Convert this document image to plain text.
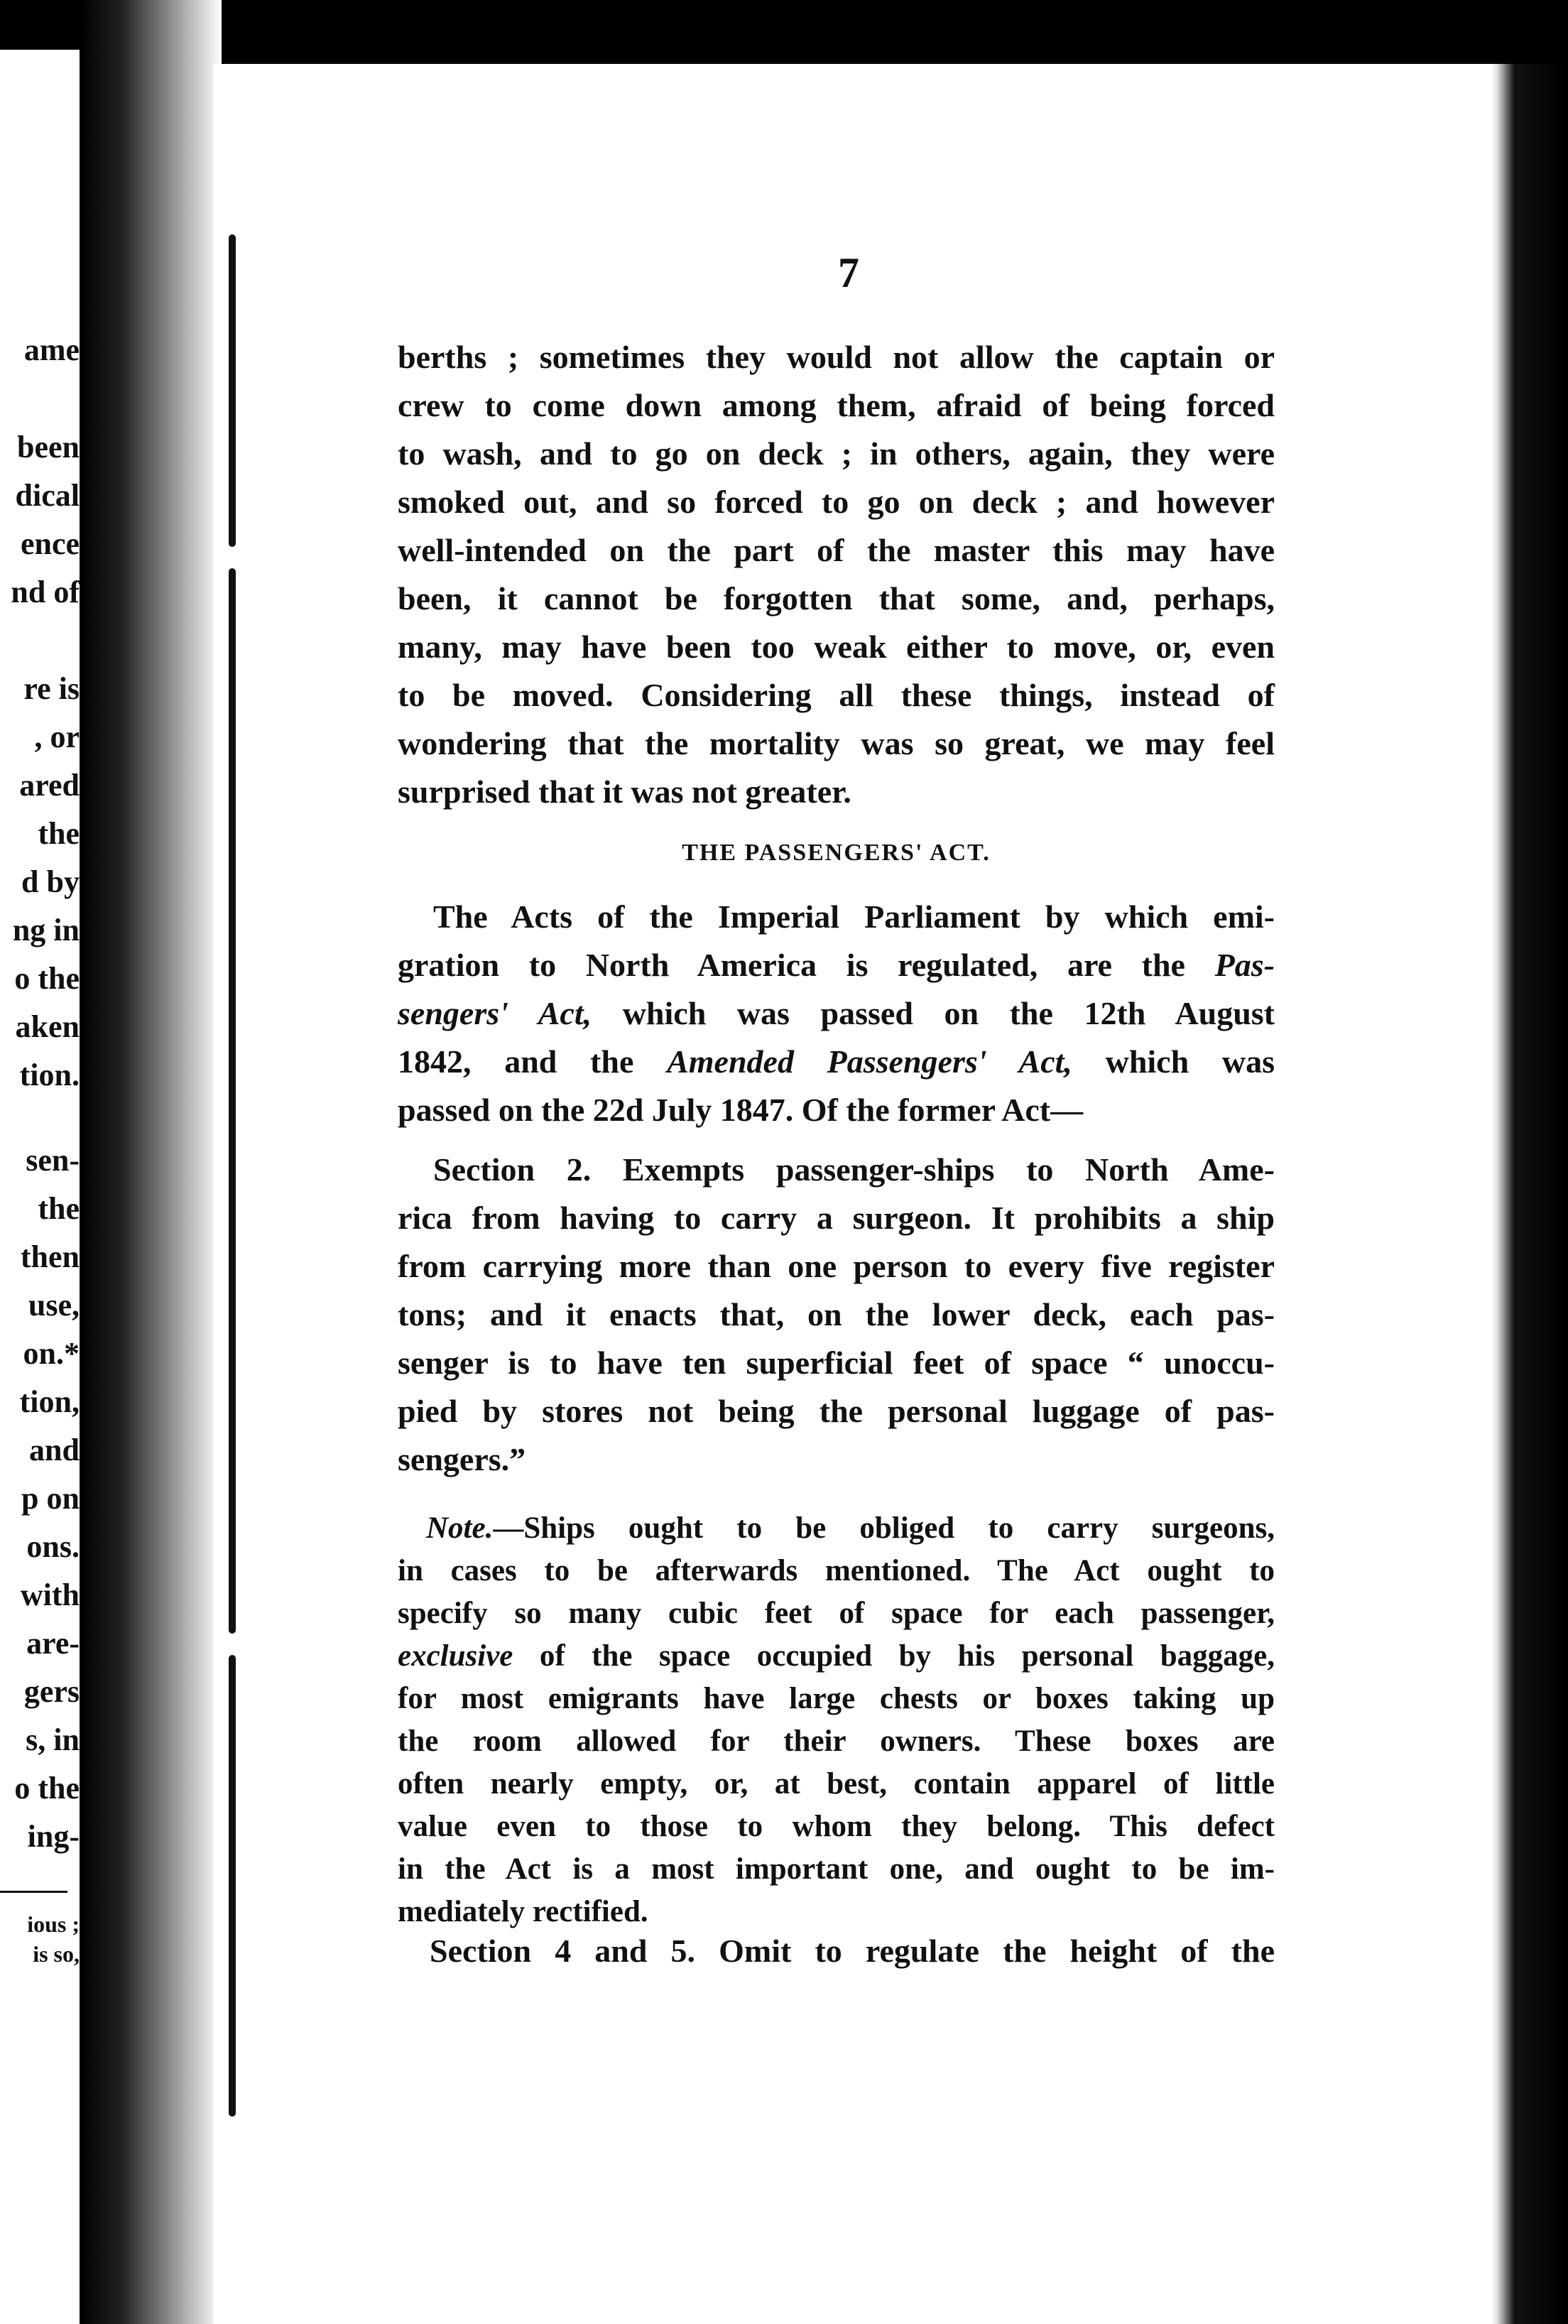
ame
been
dical
ence
nd of
re is
, or
ared
the
d by
ng in
o the
aken
tion.
sen-
the
then
use,
on.*
tion,
and
p on
ons.
with
are-
gers
s, in
o the
ing-
ious ;
is so,
7
berths ; sometimes they would not allow the captain or
crew to come down among them, afraid of being forced
to wash, and to go on deck ; in others, again, they were
smoked out, and so forced to go on deck ; and however
well-intended on the part of the master this may have
been, it cannot be forgotten that some, and, perhaps,
many, may have been too weak either to move, or, even
to be moved. Considering all these things, instead of
wondering that the mortality was so great, we may feel
surprised that it was not greater.
THE PASSENGERS' ACT.
The Acts of the Imperial Parliament by which emi-
gration to North America is regulated, are the Pas-
sengers' Act, which was passed on the 12th August
1842, and the Amended Passengers' Act, which was
passed on the 22d July 1847. Of the former Act—
Section 2. Exempts passenger-ships to North Ame-
rica from having to carry a surgeon. It prohibits a ship
from carrying more than one person to every five register
tons; and it enacts that, on the lower deck, each pas-
senger is to have ten superficial feet of space “ unoccu-
pied by stores not being the personal luggage of pas-
sengers.”
Note.—Ships ought to be obliged to carry surgeons,
in cases to be afterwards mentioned. The Act ought to
specify so many cubic feet of space for each passenger,
exclusive of the space occupied by his personal baggage,
for most emigrants have large chests or boxes taking up
the room allowed for their owners. These boxes are
often nearly empty, or, at best, contain apparel of little
value even to those to whom they belong. This defect
in the Act is a most important one, and ought to be im-
mediately rectified.
Section 4 and 5. Omit to regulate the height of the
